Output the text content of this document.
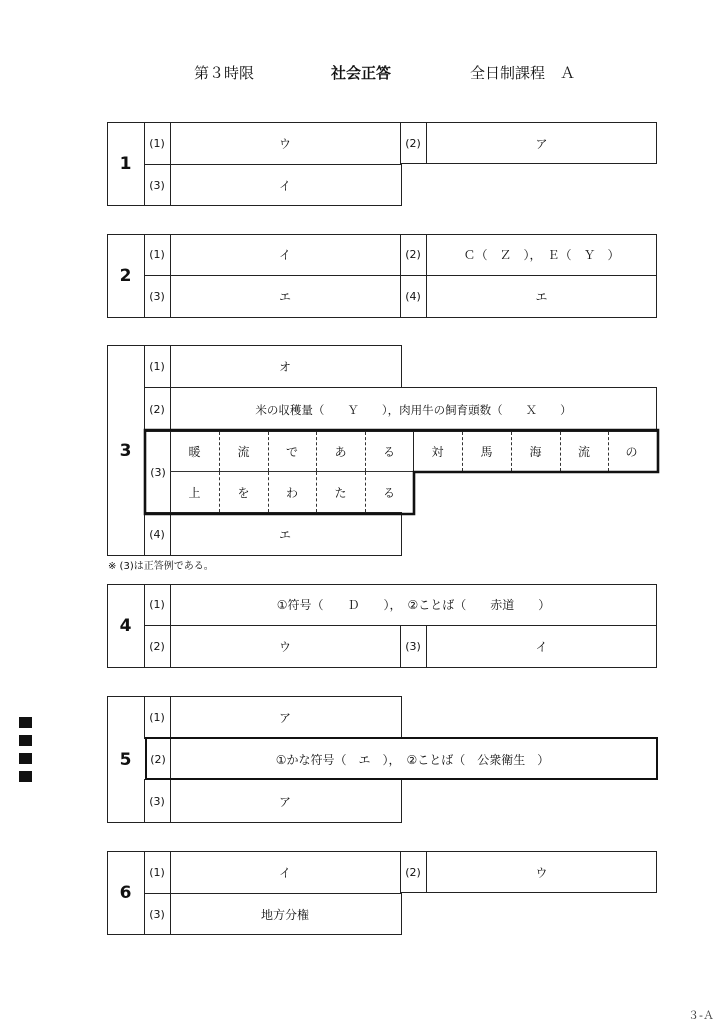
第３時限	社会正答	全日制課程　Ａ
1
(1)	ウ	(2)	ア
(3)	イ
2
(1)	イ	(2)	Ｃ（　Ｚ　），　Ｅ（　Ｙ　）
(3)	エ	(4)	エ
3
(1)	オ
(2)	米の収穫量（　　Ｙ　　），肉用牛の飼育頭数（　　Ｘ　　）
(3)
暖	流	で	あ	る	対	馬	海	流	の
上	を	わ	た	る
(4)	エ
※ (3)は正答例である。
4
(1)	①符号（　　Ｄ　　），　②ことば（　　赤道　　）
(2)	ウ	(3)	イ
5
(1)	ア
(2)	①かな符号（　エ　），　②ことば（　公衆衛生　）
(3)	ア
6
(1)	イ	(2)	ウ
(3)	地方分権
３-Ａ
